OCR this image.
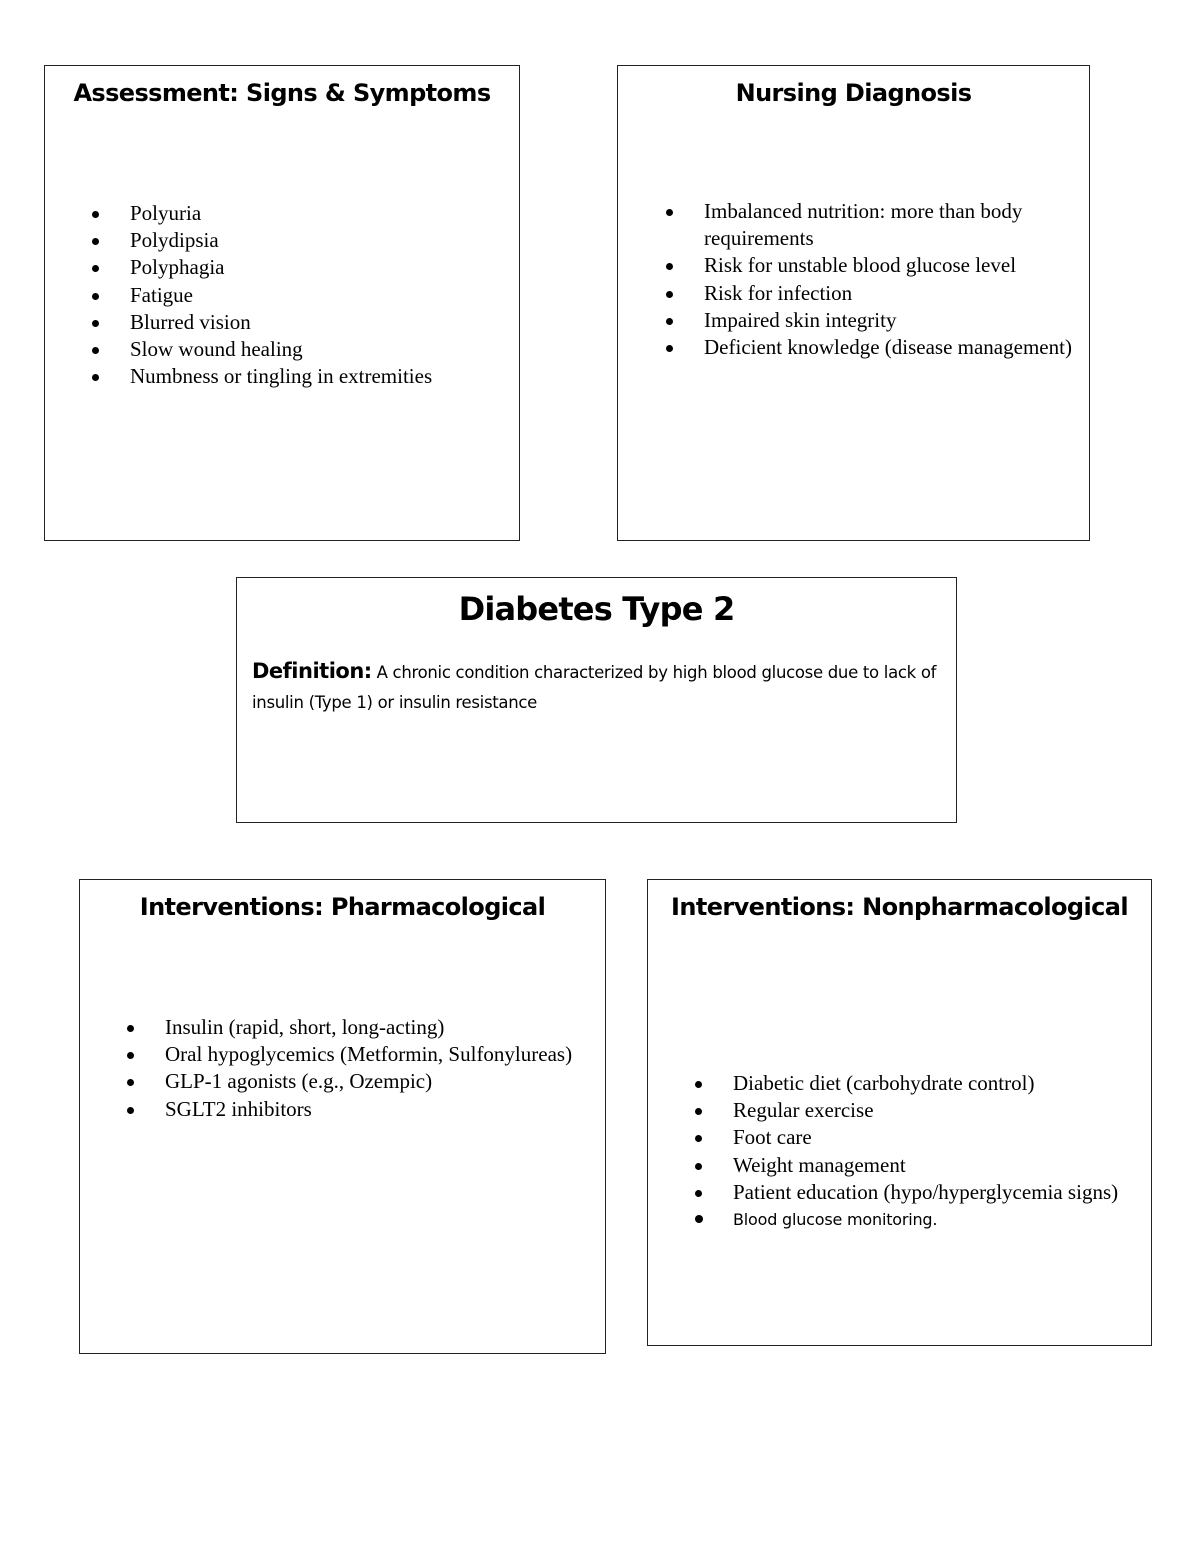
Assessment: Signs & Symptoms
Polyuria
Polydipsia
Polyphagia
Fatigue
Blurred vision
Slow wound healing
Numbness or tingling in extremities
Nursing Diagnosis
Imbalanced nutrition: more than body requirements
Risk for unstable blood glucose level
Risk for infection
Impaired skin integrity
Deficient knowledge (disease management)
Diabetes Type 2

Definition: A chronic condition characterized by high blood glucose due to lack of insulin (Type 1) or insulin resistance

Interventions: Pharmacological
Insulin (rapid, short, long-acting)
Oral hypoglycemics (Metformin, Sulfonylureas)
GLP-1 agonists (e.g., Ozempic)
SGLT2 inhibitors
Interventions: Nonpharmacological
Diabetic diet (carbohydrate control)
Regular exercise
Foot care
Weight management
Patient education (hypo/hyperglycemia signs)
Blood glucose monitoring.
